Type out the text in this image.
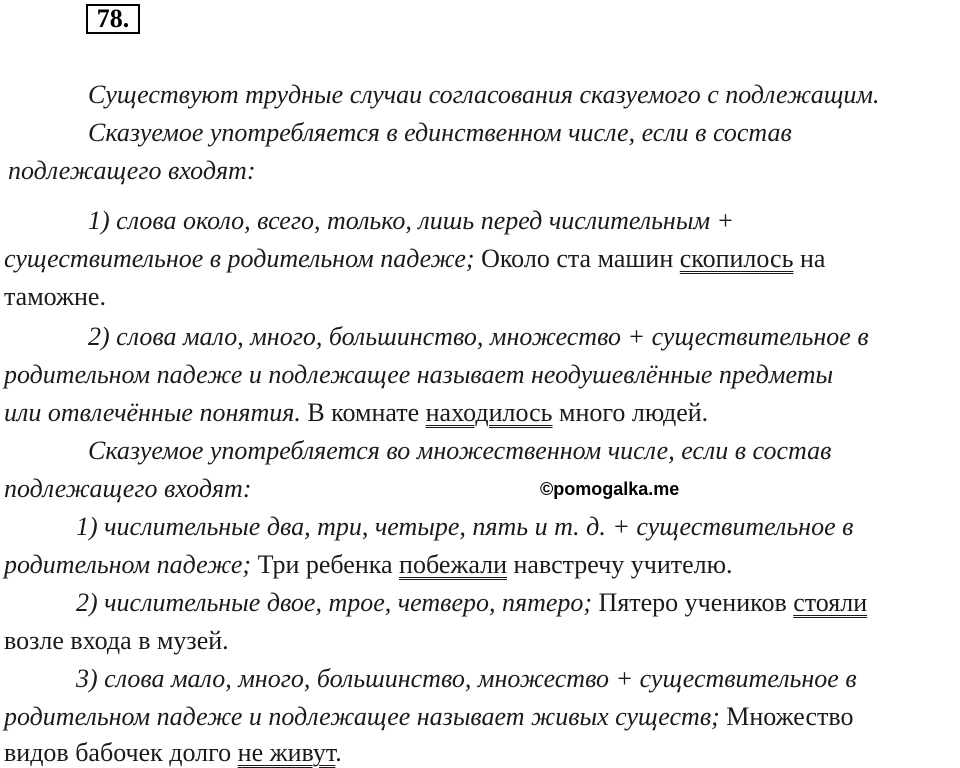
78.
Существуют трудные случаи согласования сказуемого с подлежащим.
Сказуемое употребляется в единственном числе, если в состав
подлежащего входят:
1) слова около, всего, только, лишь перед числительным +
существительное в родительном падеже; Около ста машин скопилось на
таможне.
2) слова мало, много, большинство, множество + существительное в
родительном падеже и подлежащее называет неодушевлённые предметы
или отвлечённые понятия. В комнате находилось много людей.
Сказуемое употребляется во множественном числе, если в состав
подлежащего входят:	©pomogalka.me
1) числительные два, три, четыре, пять и т. д. + существительное в
родительном падеже; Три ребенка побежали навстречу учителю.
2) числительные двое, трое, четверо, пятеро; Пятеро учеников стояли
возле входа в музей.
3) слова мало, много, большинство, множество + существительное в
родительном падеже и подлежащее называет живых существ; Множество
видов бабочек долго не живут.
